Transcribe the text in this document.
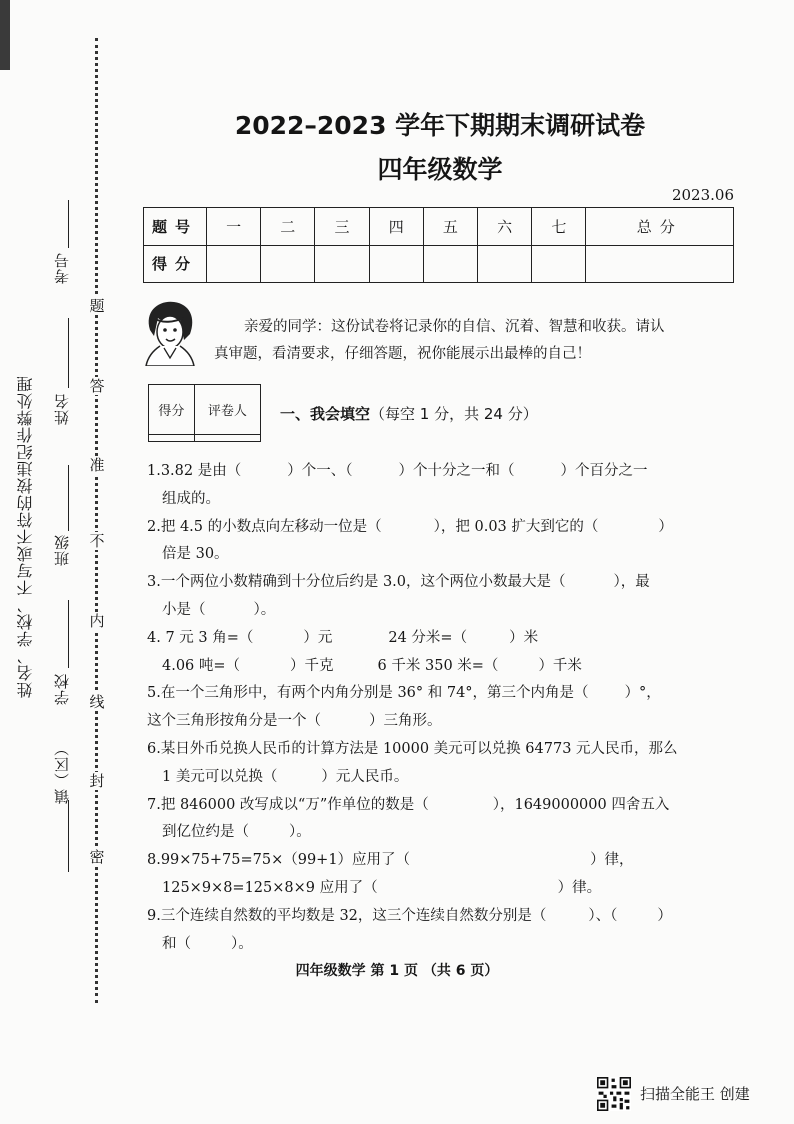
题
答
准
不
内
线
封
密
考号
姓名
班级
学校
镇（区）
姓名、学校、不写或不符的按违纪作弊处理
2022–2023 学年下期期末调研试卷
四年级数学
2023.06
题号	一	二	三	四	五	六	七	总分
得分								
亲爱的同学：这份试卷将记录你的自信、沉着、智慧和收获。请认
真审题，看清要求，仔细答题，祝你能展示出最棒的自己！
得分	评卷人
	一、我会填空（每空 1 分，共 24 分）
1.3.82 是由（	）个一、（	）个十分之一和（	）个百分之一
组成的。
2.把 4.5 的小数点向左移动一位是（	），把 0.03 扩大到它的（	）
倍是 30。
3.一个两位小数精确到十分位后约是 3.0，这个两位小数最大是（	），最
小是（	）。
4. 7 元 3 角=（	）元	24 分米=（	）米
4.06 吨=（	）千克	6 千米 350 米=（	）千米
5.在一个三角形中，有两个内角分别是 36° 和 74°，第三个内角是（ ）°，
这个三角形按角分是一个（	）三角形。
6.某日外币兑换人民币的计算方法是 10000 美元可以兑换 64773 元人民币，那么
1 美元可以兑换（	）元人民币。
7.把 846000 改写成以“万”作单位的数是（	），1649000000 四舍五入
到亿位约是（	）。
8.99×75+75=75×（99+1）应用了（	）律，
125×9×8=125×8×9 应用了（	）律。
9.三个连续自然数的平均数是 32，这三个连续自然数分别是（	）、（	）
和（	）。
四年级数学 第 1 页 （共 6 页）
扫描全能王 创建
